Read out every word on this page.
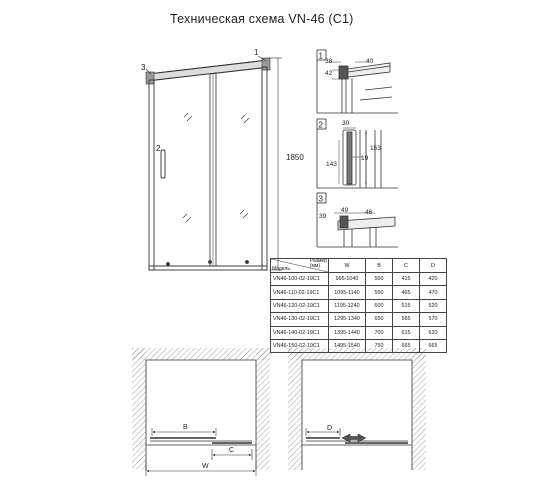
Техническая схема VN-46 (C1)
1
2
3
1850
1
38	40
42
2	30
153
19
143
3
49	46
39
B
C
W
D
Размер
(мм)
Модель	W	B	C	D
VN46-100-02-19C1	995-1040	500	415	420
VN46-110-02-19C1	1095-1140	550	465	470
VN46-120-02-19C1	1195-1240	600	515	520
VN46-130-02-19C1	1295-1340	650	565	570
VN46-140-02-19C1	1395-1440	700	615	620
VN46-150-02-19C1	1495-1540	750	665	665
